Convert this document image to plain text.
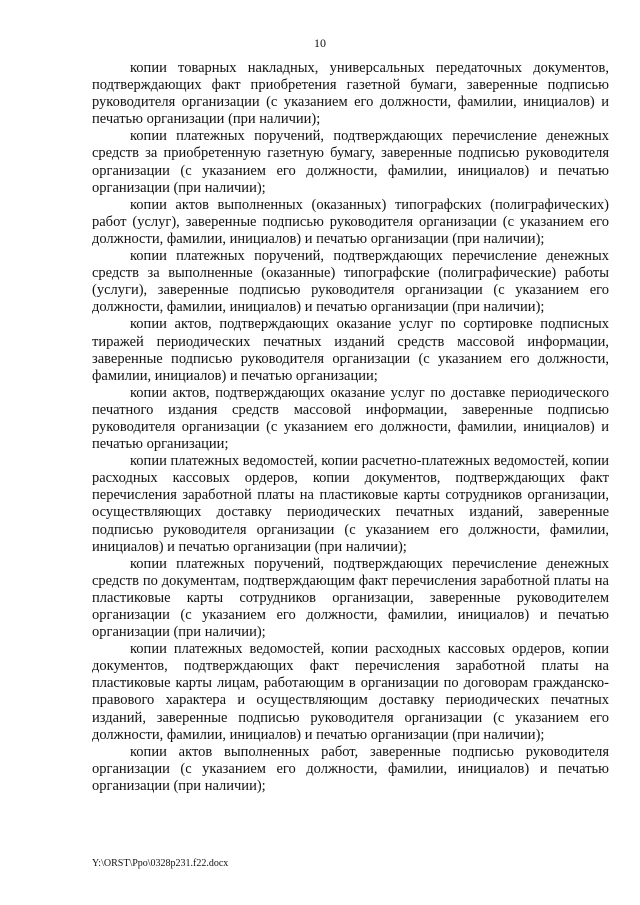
10

копии товарных накладных, универсальных передаточных документов, подтверждающих факт приобретения газетной бумаги, заверенные подписью руководителя организации (с указанием его должности, фамилии, инициалов) и печатью организации (при наличии);

копии платежных поручений, подтверждающих перечисление денежных средств за приобретенную газетную бумагу, заверенные подписью руководителя организации (с указанием его должности, фамилии, инициалов) и печатью организации (при наличии);

копии актов выполненных (оказанных) типографских (полиграфических) работ (услуг), заверенные подписью руководителя организации (с указанием его должности, фамилии, инициалов) и печатью организации (при наличии);

копии платежных поручений, подтверждающих перечисление денежных средств за выполненные (оказанные) типографские (полиграфические) работы (услуги), заверенные подписью руководителя организации (с указанием его должности, фамилии, инициалов) и печатью организации (при наличии);

копии актов, подтверждающих оказание услуг по сортировке подписных тиражей периодических печатных изданий средств массовой информации, заверенные подписью руководителя организации (с указанием его должности, фамилии, инициалов) и печатью организации;

копии актов, подтверждающих оказание услуг по доставке периодического печатного издания средств массовой информации, заверенные подписью руководителя организации (с указанием его должности, фамилии, инициалов) и печатью организации;

копии платежных ведомостей, копии расчетно-платежных ведомостей, копии расходных кассовых ордеров, копии документов, подтверждающих факт перечисления заработной платы на пластиковые карты сотрудников организации, осуществляющих доставку периодических печатных изданий, заверенные подписью руководителя организации (с указанием его должности, фамилии, инициалов) и печатью организации (при наличии);

копии платежных поручений, подтверждающих перечисление денежных средств по документам, подтверждающим факт перечисления заработной платы на пластиковые карты сотрудников организации, заверенные руководителем организации (с указанием его должности, фамилии, инициалов) и печатью организации (при наличии);

копии платежных ведомостей, копии расходных кассовых ордеров, копии документов, подтверждающих факт перечисления заработной платы на пластиковые карты лицам, работающим в организации по договорам гражданско-правового характера и осуществляющим доставку периодических печатных изданий, заверенные подписью руководителя организации (с указанием его должности, фамилии, инициалов) и печатью организации (при наличии);

копии актов выполненных работ, заверенные подписью руководителя организации (с указанием его должности, фамилии, инициалов) и печатью организации (при наличии);

Y:\ORST\Ppo\0328p231.f22.docx
